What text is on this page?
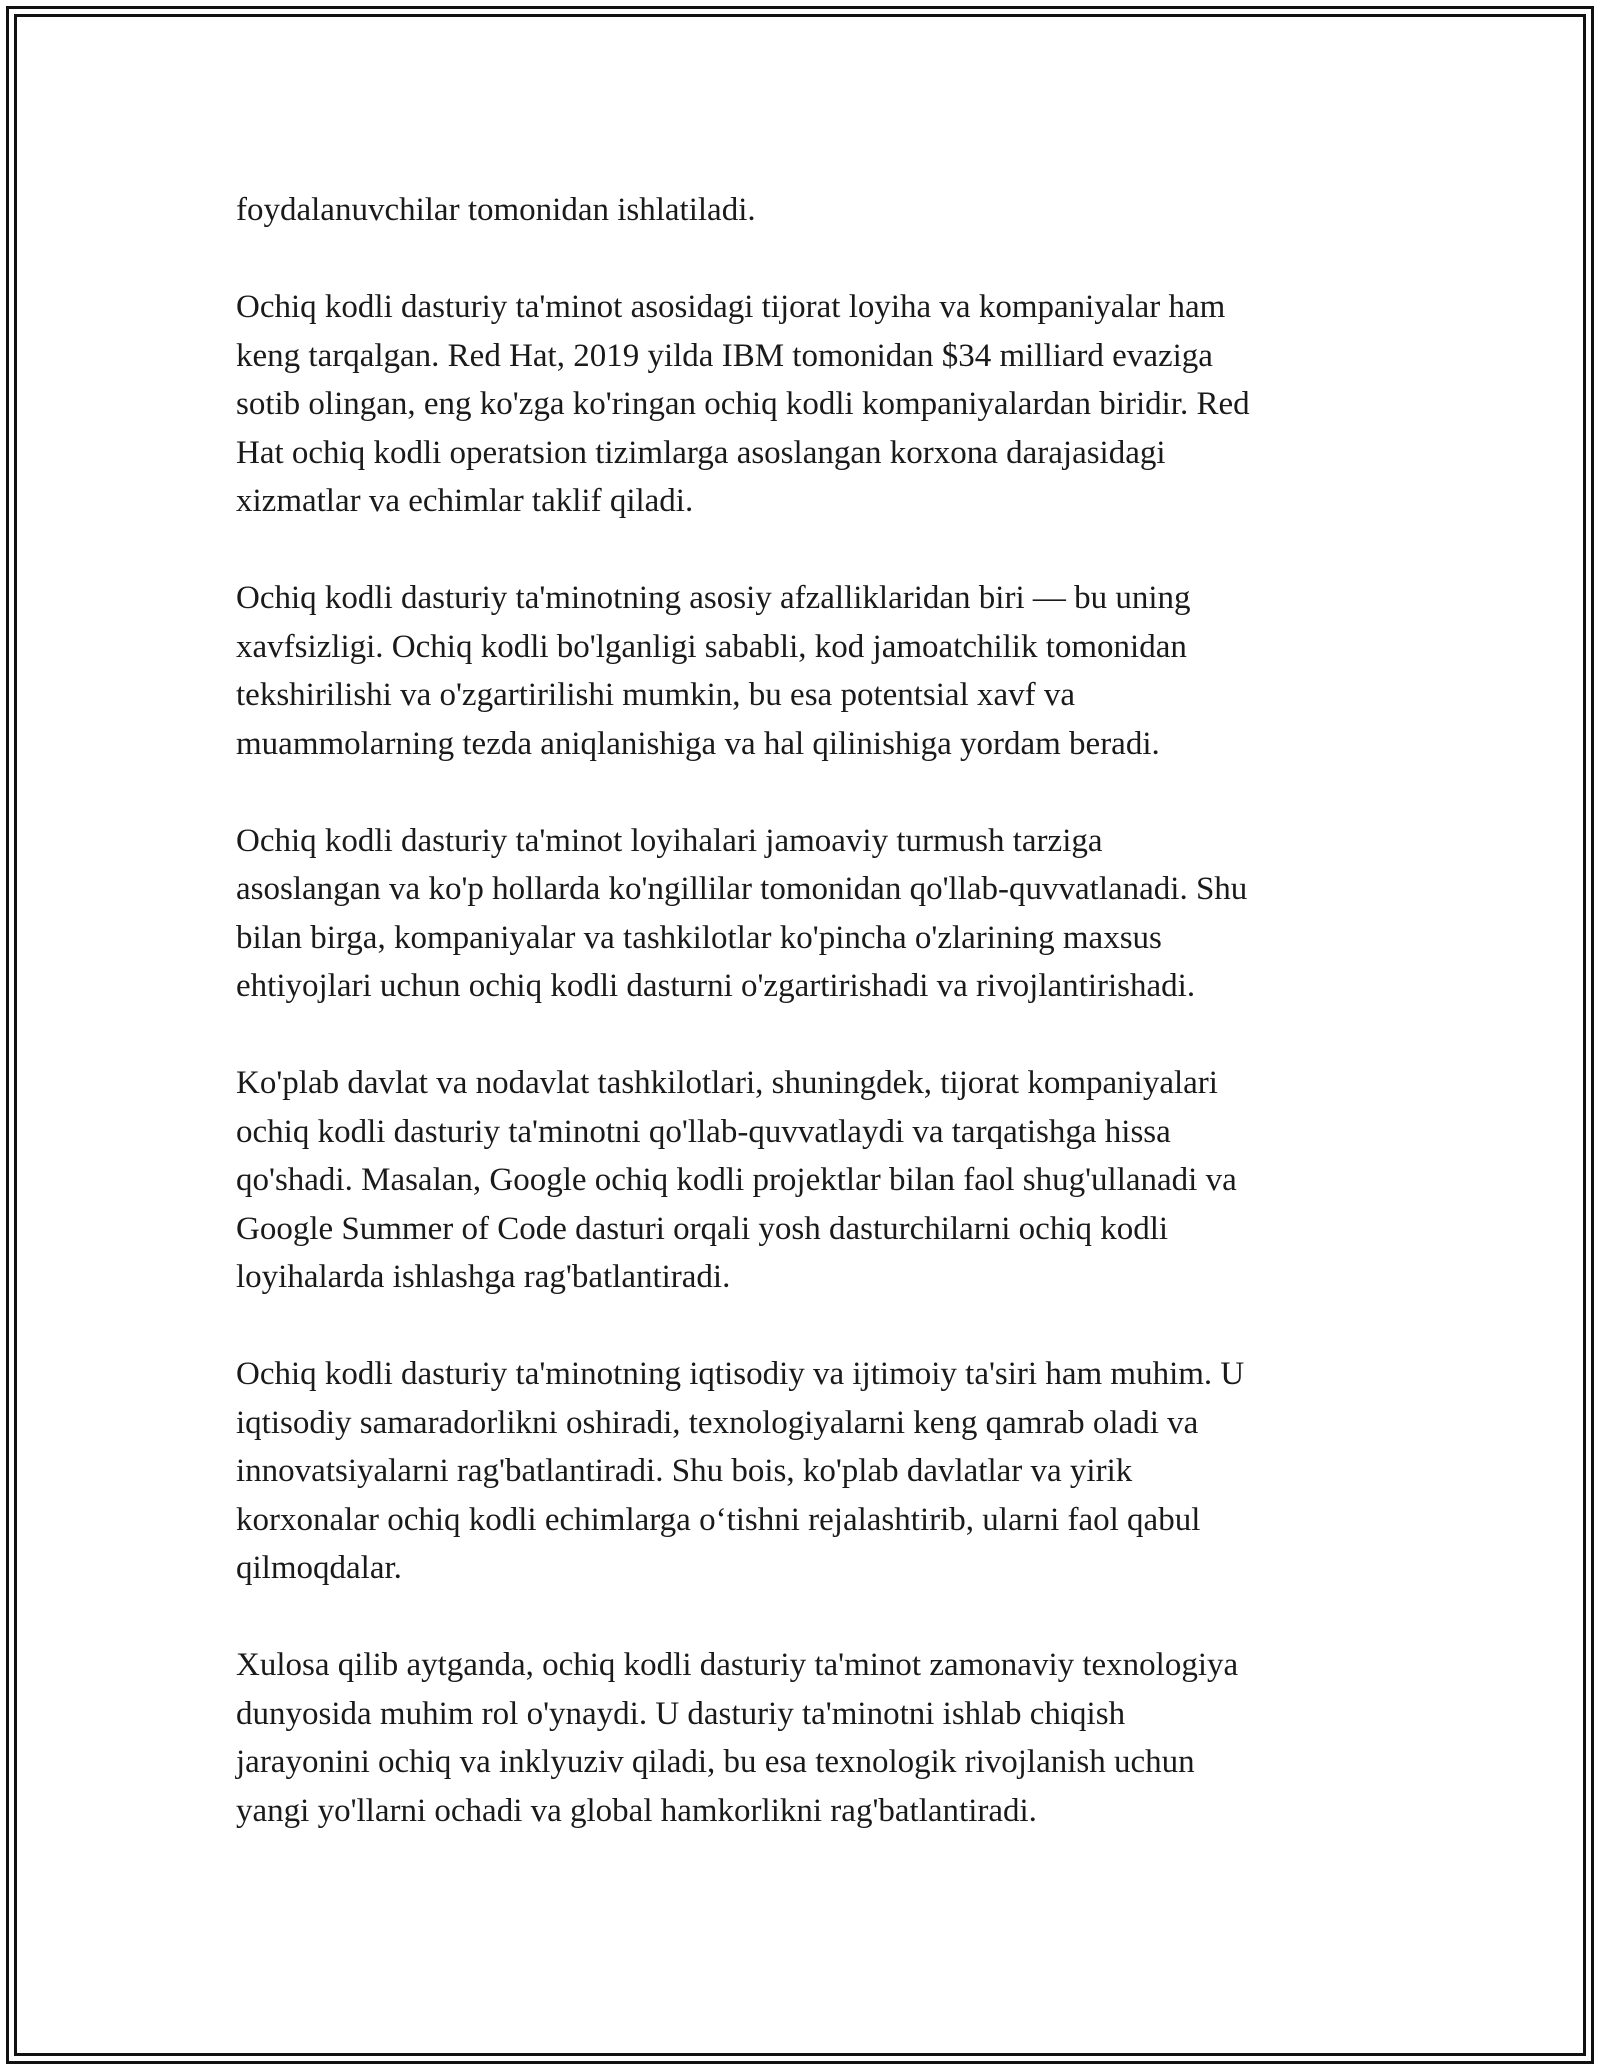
foydalanuvchilar tomonidan ishlatiladi.

Ochiq kodli dasturiy ta'minot asosidagi tijorat loyiha va kompaniyalar ham
keng tarqalgan. Red Hat, 2019 yilda IBM tomonidan $34 milliard evaziga
sotib olingan, eng ko'zga ko'ringan ochiq kodli kompaniyalardan biridir. Red
Hat ochiq kodli operatsion tizimlarga asoslangan korxona darajasidagi
xizmatlar va echimlar taklif qiladi.

Ochiq kodli dasturiy ta'minotning asosiy afzalliklaridan biri — bu uning
xavfsizligi. Ochiq kodli bo'lganligi sababli, kod jamoatchilik tomonidan
tekshirilishi va o'zgartirilishi mumkin, bu esa potentsial xavf va
muammolarning tezda aniqlanishiga va hal qilinishiga yordam beradi.

Ochiq kodli dasturiy ta'minot loyihalari jamoaviy turmush tarziga
asoslangan va ko'p hollarda ko'ngillilar tomonidan qo'llab-quvvatlanadi. Shu
bilan birga, kompaniyalar va tashkilotlar ko'pincha o'zlarining maxsus
ehtiyojlari uchun ochiq kodli dasturni o'zgartirishadi va rivojlantirishadi.

Ko'plab davlat va nodavlat tashkilotlari, shuningdek, tijorat kompaniyalari
ochiq kodli dasturiy ta'minotni qo'llab-quvvatlaydi va tarqatishga hissa
qo'shadi. Masalan, Google ochiq kodli projektlar bilan faol shug'ullanadi va
Google Summer of Code dasturi orqali yosh dasturchilarni ochiq kodli
loyihalarda ishlashga rag'batlantiradi.

Ochiq kodli dasturiy ta'minotning iqtisodiy va ijtimoiy ta'siri ham muhim. U
iqtisodiy samaradorlikni oshiradi, texnologiyalarni keng qamrab oladi va
innovatsiyalarni rag'batlantiradi. Shu bois, ko'plab davlatlar va yirik
korxonalar ochiq kodli echimlarga o‘tishni rejalashtirib, ularni faol qabul
qilmoqdalar.

Xulosa qilib aytganda, ochiq kodli dasturiy ta'minot zamonaviy texnologiya
dunyosida muhim rol o'ynaydi. U dasturiy ta'minotni ishlab chiqish
jarayonini ochiq va inklyuziv qiladi, bu esa texnologik rivojlanish uchun
yangi yo'llarni ochadi va global hamkorlikni rag'batlantiradi.
